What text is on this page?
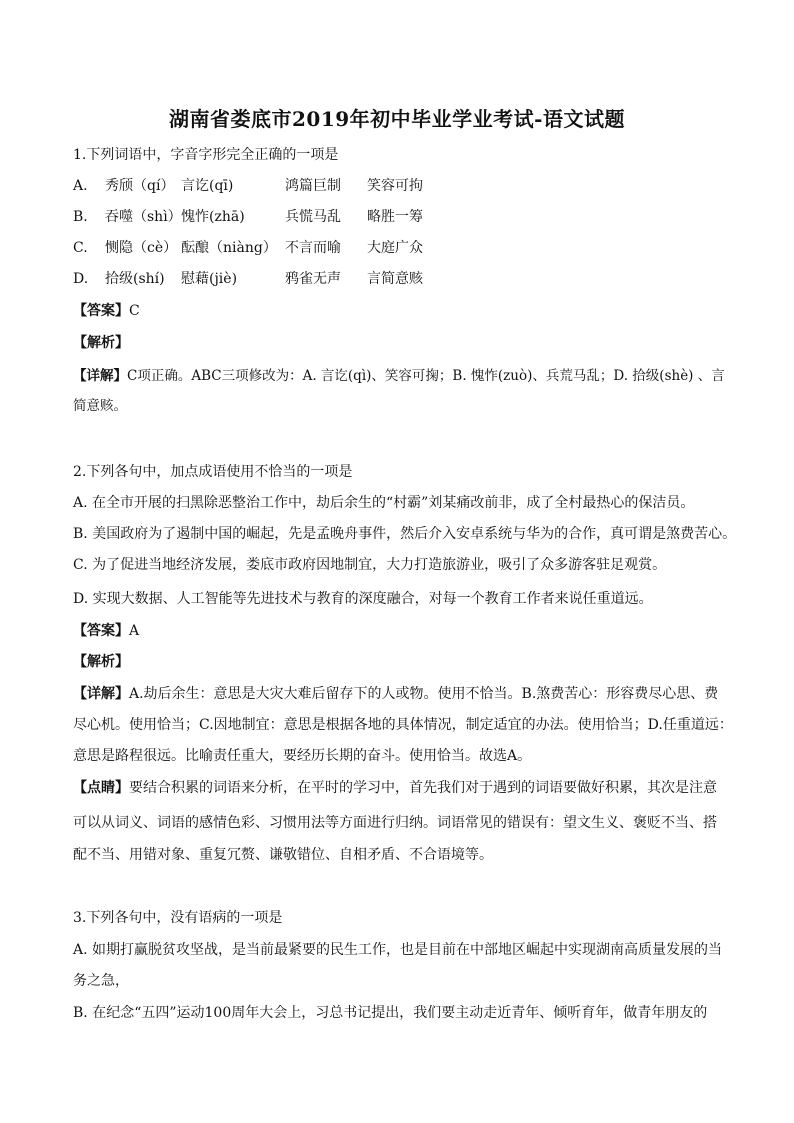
湖南省娄底市2019年初中毕业学业考试-语文试题
1.下列词语中，字音字形完全正确的一项是
A. 秀颀（qí） 言讫(qī)	鸿篇巨制 笑容可拘
B. 吞噬（shì）愧怍(zhā)	兵慌马乱 略胜一筹
C. 恻隐（cè） 酝酿（niàng） 不言而喻 大庭广众
D. 拾级(shí) 慰藉(jiè)	鸦雀无声 言简意赅
【答案】C
【解析】
【详解】C项正确。ABC三项修改为：A. 言讫(qì)、笑容可掬；B. 愧怍(zuò)、兵荒马乱；D. 拾级(shè) 、言
简意赅。
2.下列各句中，加点成语使用不恰当的一项是
A. 在全市开展的扫黑除恶整治工作中，劫后余生的“村霸”刘某痛改前非，成了全村最热心的保洁员。
B. 美国政府为了遏制中国的崛起，先是孟晚舟事件，然后介入安卓系统与华为的合作，真可谓是煞费苦心。
C. 为了促进当地经济发展，娄底市政府因地制宜，大力打造旅游业，吸引了众多游客驻足观赏。
D. 实现大数据、人工智能等先进技术与教育的深度融合，对每一个教育工作者来说任重道远。
【答案】A
【解析】
【详解】A.劫后余生：意思是大灾大难后留存下的人或物。使用不恰当。B.煞费苦心：形容费尽心思、费
尽心机。使用恰当；C.因地制宜：意思是根据各地的具体情况，制定适宜的办法。使用恰当；D.任重道远：
意思是路程很远。比喻责任重大，要经历长期的奋斗。使用恰当。故选A。
【点睛】要结合积累的词语来分析，在平时的学习中，首先我们对于遇到的词语要做好积累，其次是注意
可以从词义、词语的感情色彩、习惯用法等方面进行归纳。词语常见的错误有：望文生义、褒贬不当、搭
配不当、用错对象、重复冗赘、谦敬错位、自相矛盾、不合语境等。
3.下列各句中，没有语病的一项是
A. 如期打赢脱贫攻坚战，是当前最紧要的民生工作，也是目前在中部地区崛起中实现湖南高质量发展的当
务之急，
B. 在纪念“五四”运动100周年大会上，习总书记提出，我们要主动走近青年、倾听育年，做青年朋友的
